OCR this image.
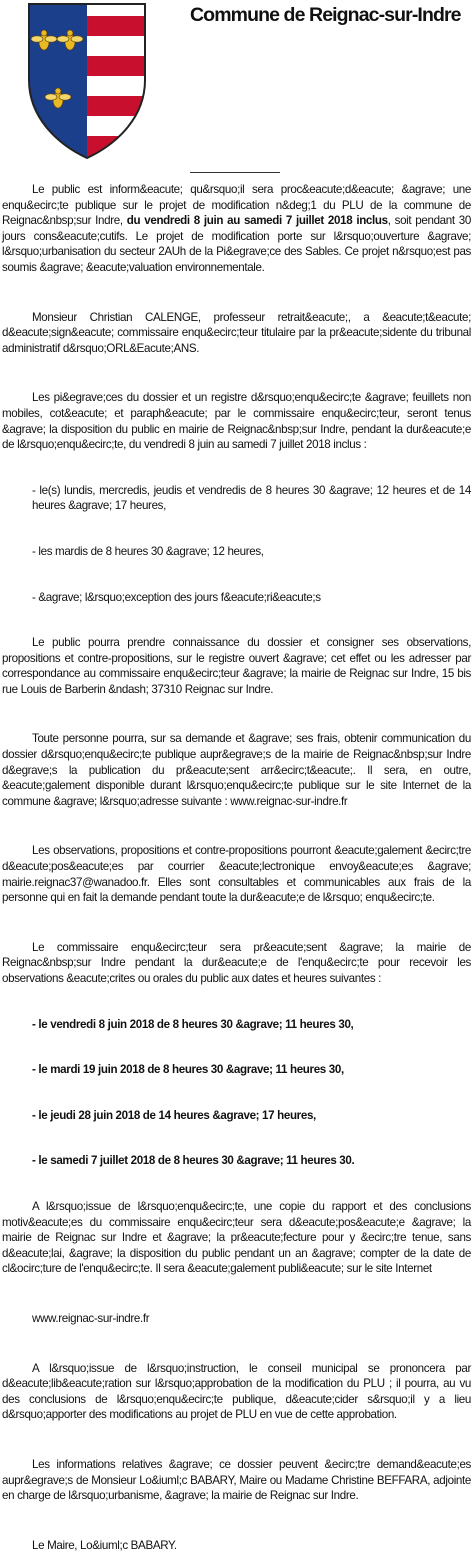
Commune de Reignac-sur-Indre

Le public est inform&eacute; qu&rsquo;il sera proc&eacute;d&eacute; &agrave; une enqu&ecirc;te publique sur le projet de modification n&deg;1 du PLU de la commune de Reignac&nbsp;sur Indre, du vendredi 8 juin au samedi 7 juillet 2018 inclus, soit pendant 30 jours cons&eacute;cutifs. Le projet de modification porte sur l&rsquo;ouverture &agrave; l&rsquo;urbanisation du secteur 2AUh de la Pi&egrave;ce des Sables. Ce projet n&rsquo;est pas soumis &agrave; &eacute;valuation environnementale.

Monsieur Christian CALENGE, professeur retrait&eacute;, a &eacute;t&eacute; d&eacute;sign&eacute; commissaire enqu&ecirc;teur titulaire par la pr&eacute;sidente du tribunal administratif d&rsquo;ORL&Eacute;ANS.

Les pi&egrave;ces du dossier et un registre d&rsquo;enqu&ecirc;te &agrave; feuillets non mobiles, cot&eacute; et paraph&eacute; par le commissaire enqu&ecirc;teur, seront tenus &agrave; la disposition du public en mairie de Reignac&nbsp;sur Indre, pendant la dur&eacute;e de l&rsquo;enqu&ecirc;te, du vendredi 8 juin au samedi 7 juillet 2018 inclus :

- le(s) lundis, mercredis, jeudis et vendredis de 8 heures 30 &agrave; 12 heures et de 14 heures &agrave; 17 heures,

- les mardis de 8 heures 30 &agrave; 12 heures,

- &agrave; l&rsquo;exception des jours f&eacute;ri&eacute;s

Le public pourra prendre connaissance du dossier et consigner ses observations, propositions et contre-propositions, sur le registre ouvert &agrave; cet effet ou les adresser par correspondance au commissaire enqu&ecirc;teur &agrave; la mairie de Reignac sur Indre, 15 bis rue Louis de Barberin &ndash; 37310 Reignac sur Indre.

Toute personne pourra, sur sa demande et &agrave; ses frais, obtenir communication du dossier d&rsquo;enqu&ecirc;te publique aupr&egrave;s de la mairie de Reignac&nbsp;sur Indre d&egrave;s la publication du pr&eacute;sent arr&ecirc;t&eacute;. Il sera, en outre, &eacute;galement disponible durant l&rsquo;enqu&ecirc;te publique sur le site Internet de la commune &agrave; l&rsquo;adresse suivante : www.reignac-sur-indre.fr

Les observations, propositions et contre-propositions pourront &eacute;galement &ecirc;tre d&eacute;pos&eacute;es par courrier &eacute;lectronique envoy&eacute;es &agrave; mairie.reignac37@wanadoo.fr. Elles sont consultables et communicables aux frais de la personne qui en fait la demande pendant toute la dur&eacute;e de l&rsquo; enqu&ecirc;te.

Le commissaire enqu&ecirc;teur sera pr&eacute;sent &agrave; la mairie de Reignac&nbsp;sur Indre pendant la dur&eacute;e de l'enqu&ecirc;te pour recevoir les observations &eacute;crites ou orales du public aux dates et heures suivantes :

- le vendredi 8 juin 2018 de 8 heures 30 &agrave; 11 heures 30,

- le mardi 19 juin 2018 de 8 heures 30 &agrave; 11 heures 30,

- le jeudi 28 juin 2018 de 14 heures &agrave; 17 heures,

- le samedi 7 juillet 2018 de 8 heures 30 &agrave; 11 heures 30.

A l&rsquo;issue de l&rsquo;enqu&ecirc;te, une copie du rapport et des conclusions motiv&eacute;es du commissaire enqu&ecirc;teur sera d&eacute;pos&eacute;e &agrave; la mairie de Reignac sur Indre et &agrave; la pr&eacute;fecture pour y &ecirc;tre tenue, sans d&eacute;lai, &agrave; la disposition du public pendant un an &agrave; compter de la date de cl&ocirc;ture de l'enqu&ecirc;te. Il sera &eacute;galement publi&eacute; sur le site Internet

www.reignac-sur-indre.fr

A l&rsquo;issue de l&rsquo;instruction, le conseil municipal se prononcera par d&eacute;lib&eacute;ration sur l&rsquo;approbation de la modification du PLU ; il pourra, au vu des conclusions de l&rsquo;enqu&ecirc;te publique, d&eacute;cider s&rsquo;il y a lieu d&rsquo;apporter des modifications au projet de PLU en vue de cette approbation.

Les informations relatives &agrave; ce dossier peuvent &ecirc;tre demand&eacute;es aupr&egrave;s de Monsieur Lo&iuml;c BABARY, Maire ou Madame Christine BEFFARA, adjointe en charge de l&rsquo;urbanisme, &agrave; la mairie de Reignac sur Indre.

Le Maire, Lo&iuml;c BABARY.
